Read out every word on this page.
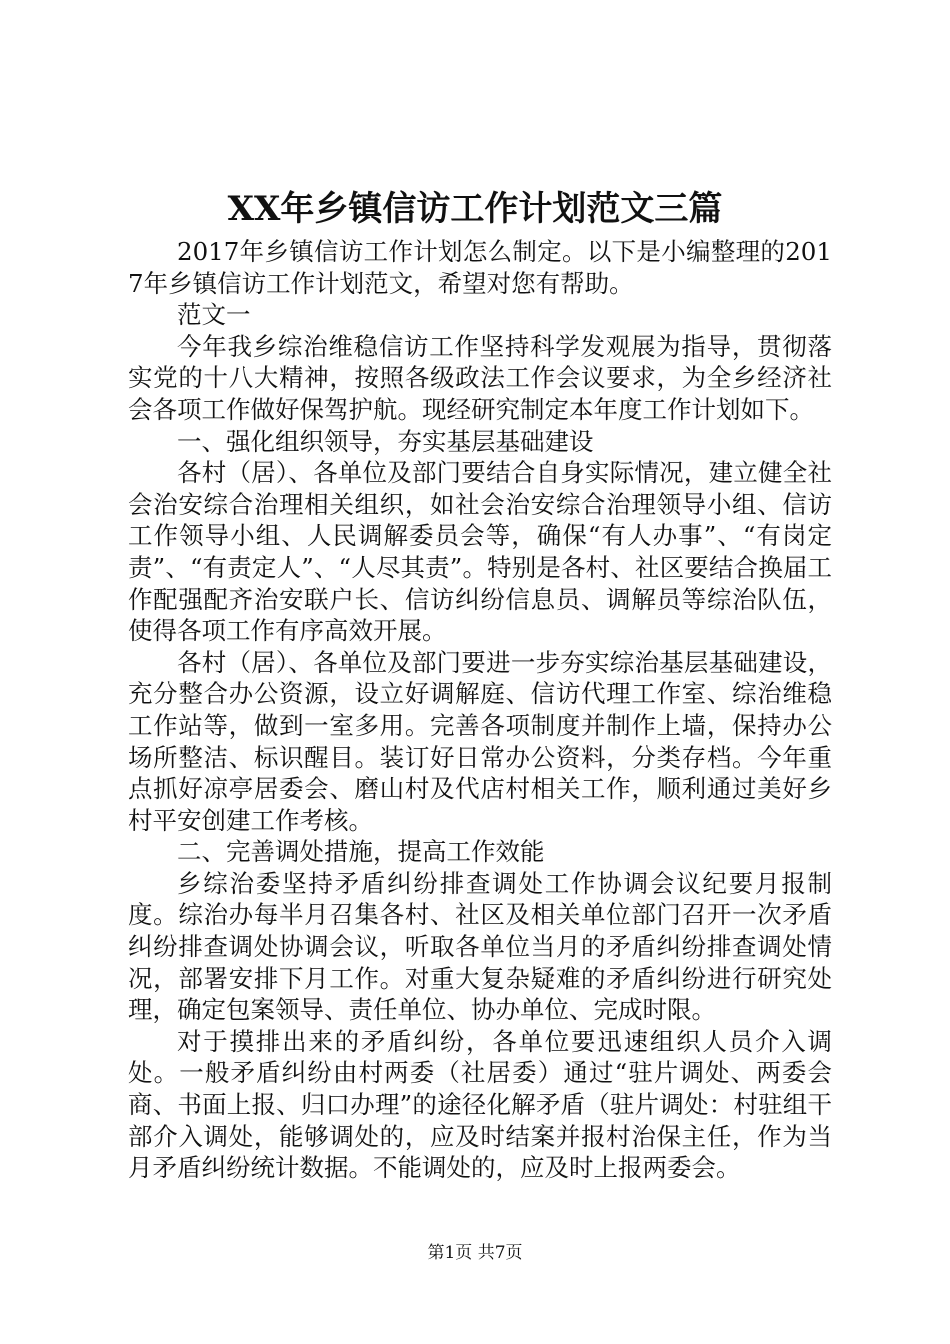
XX年乡镇信访工作计划范文三篇

2017年乡镇信访工作计划怎么制定。以下是小编整理的2017年乡镇信访工作计划范文，希望对您有帮助。

范文一

今年我乡综治维稳信访工作坚持科学发观展为指导，贯彻落实党的十八大精神，按照各级政法工作会议要求，为全乡经济社会各项工作做好保驾护航。现经研究制定本年度工作计划如下。

一、强化组织领导，夯实基层基础建设

各村（居）、各单位及部门要结合自身实际情况，建立健全社会治安综合治理相关组织，如社会治安综合治理领导小组、信访工作领导小组、人民调解委员会等，确保“有人办事”、“有岗定责”、“有责定人”、“人尽其责”。特别是各村、社区要结合换届工作配强配齐治安联户长、信访纠纷信息员、调解员等综治队伍，使得各项工作有序高效开展。

各村（居）、各单位及部门要进一步夯实综治基层基础建设，充分整合办公资源，设立好调解庭、信访代理工作室、综治维稳工作站等，做到一室多用。完善各项制度并制作上墙，保持办公场所整洁、标识醒目。装订好日常办公资料，分类存档。今年重点抓好凉亭居委会、磨山村及代店村相关工作，顺利通过美好乡村平安创建工作考核。

二、完善调处措施，提高工作效能

乡综治委坚持矛盾纠纷排查调处工作协调会议纪要月报制度。综治办每半月召集各村、社区及相关单位部门召开一次矛盾纠纷排查调处协调会议，听取各单位当月的矛盾纠纷排查调处情况，部署安排下月工作。对重大复杂疑难的矛盾纠纷进行研究处理，确定包案领导、责任单位、协办单位、完成时限。

对于摸排出来的矛盾纠纷，各单位要迅速组织人员介入调处。一般矛盾纠纷由村两委（社居委）通过“驻片调处、两委会商、书面上报、归口办理”的途径化解矛盾（驻片调处：村驻组干部介入调处，能够调处的，应及时结案并报村治保主任，作为当月矛盾纠纷统计数据。不能调处的，应及时上报两委会。

第1页 共7页
